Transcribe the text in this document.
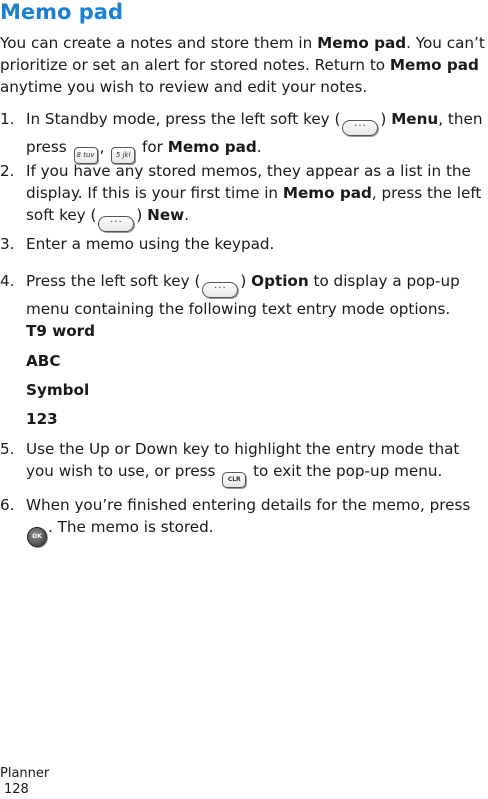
Memo pad

You can create a notes and store them in Memo pad. You can’t prioritize or set an alert for stored notes. Return to Memo pad anytime you wish to review and edit your notes.

1. In Standby mode, press the left soft key ( ··· ) Menu, then press 8 tuv , 5 jkl for Memo pad.
2. If you have any stored memos, they appear as a list in the display. If this is your first time in Memo pad, press the left soft key ( ··· ) New.
3. Enter a memo using the keypad.
4. Press the left soft key ( ··· ) Option to display a pop-up menu containing the following text entry mode options.
T9 word
ABC
Symbol
123
5. Use the Up or Down key to highlight the entry mode that you wish to use, or press CLR to exit the pop-up menu.
6. When you’re finished entering details for the memo, press OK. The memo is stored.
Planner
128
